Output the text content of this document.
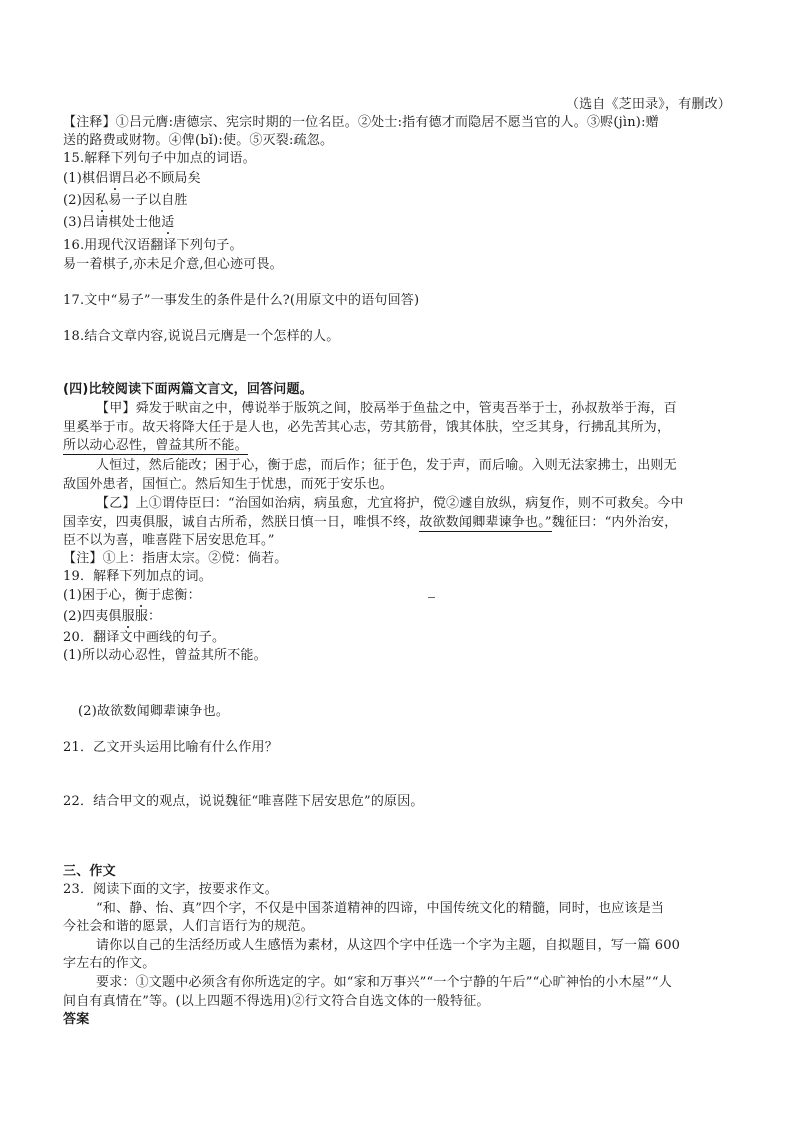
（选自《芝田录》，有删改）
【注释】①吕元膺:唐德宗、宪宗时期的一位名臣。②处士:指有德才而隐居不愿当官的人。③赆(jìn):赠
送的路费或财物。④俾(bǐ):使。⑤灭裂:疏忽。
15.解释下列句子中加点的词语。
(1)棋侣谓吕必不顾局矣
(2)因私易一子以自胜
(3)吕请棋处士他适
16.用现代汉语翻译下列句子。
易一着棋子,亦未足介意,但心迹可畏。
17.文中“易子”一事发生的条件是什么?(用原文中的语句回答)
18.结合文章内容,说说吕元膺是一个怎样的人。
(四)比较阅读下面两篇文言文，回答问题。
【甲】舜发于畎亩之中，傅说举于版筑之间，胶鬲举于鱼盐之中，管夷吾举于士，孙叔敖举于海，百
里奚举于市。故天将降大任于是人也，必先苦其心志，劳其筋骨，饿其体肤，空乏其身，行拂乱其所为，
所以动心忍性，曾益其所不能。
人恒过，然后能改；困于心，衡于虑，而后作；征于色，发于声，而后喻。入则无法家拂士，出则无
敌国外患者，国恒亡。然后知生于忧患，而死于安乐也。
【乙】上①谓侍臣曰：“治国如治病，病虽愈，尤宜将护，傥②遽自放纵，病复作，则不可救矣。今中
国幸安，四夷俱服，诚自古所希，然朕日慎一日，唯惧不终，故欲数闻卿辈谏争也。”魏征曰：“内外治安，
臣不以为喜，唯喜陛下居安思危耳。”
【注】①上：指唐太宗。②傥：倘若。
19．解释下列加点的词。
(1)困于心，衡于虑衡：
(2)四夷俱服服：
20．翻译文中画线的句子。
(1)所以动心忍性，曾益其所不能。
(2)故欲数闻卿辈谏争也。
21．乙文开头运用比喻有什么作用？
22．结合甲文的观点，说说魏征“唯喜陛下居安思危”的原因。
三、作文
23．阅读下面的文字，按要求作文。
“和、静、怡、真”四个字，不仅是中国茶道精神的四谛，中国传统文化的精髓，同时，也应该是当
今社会和谐的愿景，人们言语行为的规范。
请你以自己的生活经历或人生感悟为素材，从这四个字中任选一个字为主题，自拟题目，写一篇 600
字左右的作文。
要求：①文题中必须含有你所选定的字。如“家和万事兴”“一个宁静的午后”“心旷神怡的小木屋”“人
间自有真情在”等。(以上四题不得选用)②行文符合自选文体的一般特征。
答案
